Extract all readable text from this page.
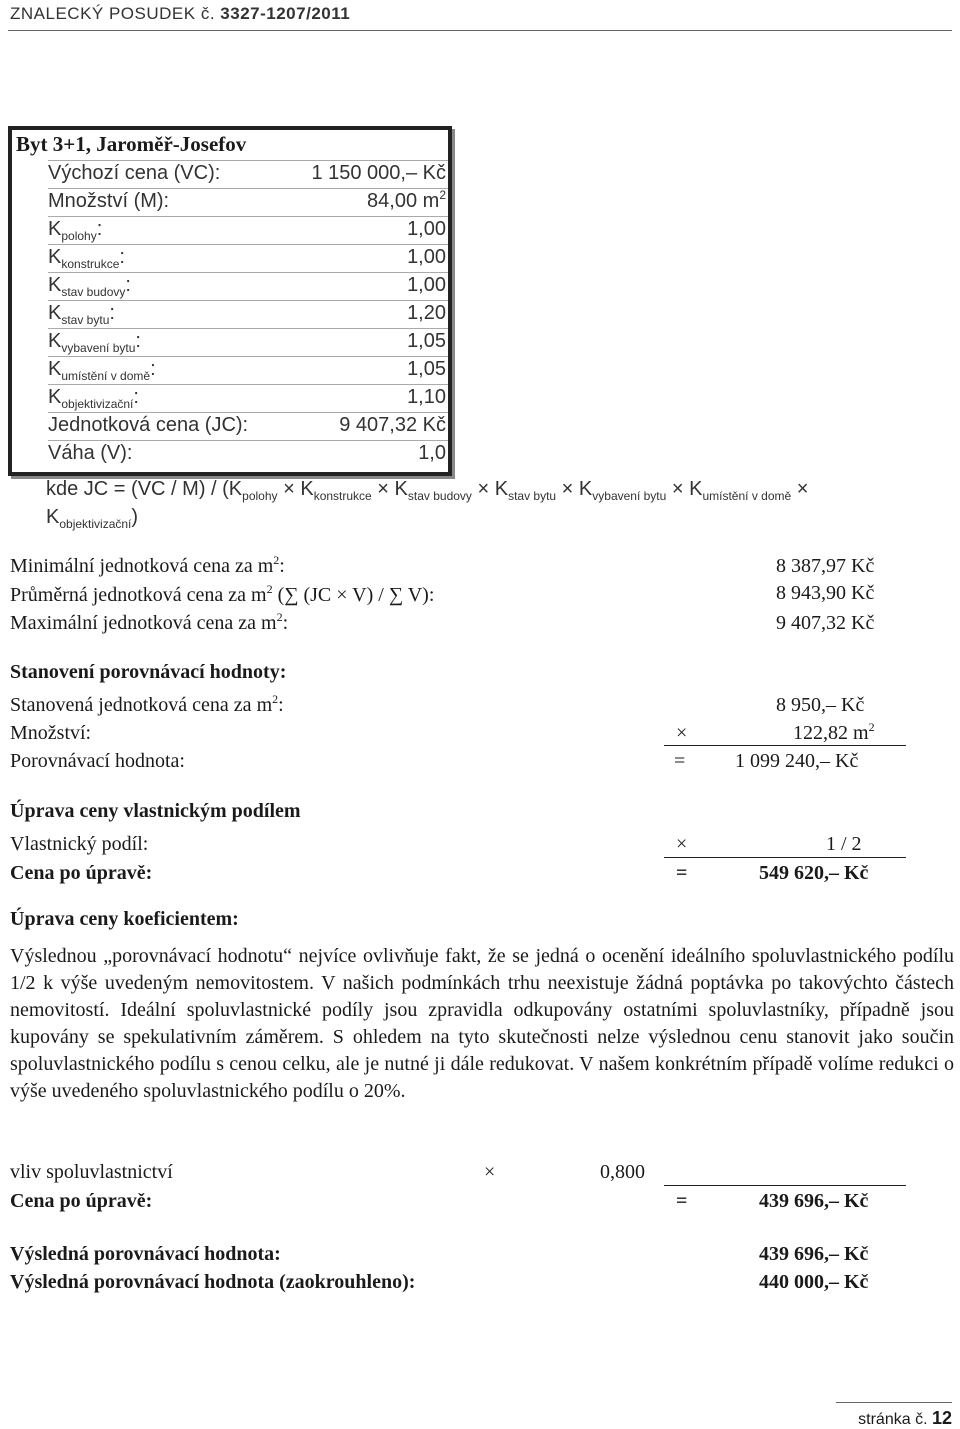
ZNALECKÝ POSUDEK č. 3327-1207/2011
Byt 3+1, Jaroměř-Josefov
Výchozí cena (VC):	1 150 000,– Kč
Množství (M):	84,00 $m^2$
$K_{polohy}$:	1,00
$K_{konstrukce}$:	1,00
$K_{stav budovy}$:	1,00
$K_{stav bytu}$:	1,20
$K_{vybavení bytu}$:	1,05
$K_{umístění v domě}$:	1,05
$K_{objektivizační}$:	1,10
Jednotková cena (JC):	9 407,32 Kč
Váha (V):	1,0
kde JC = $(VC / M) / (K_{polohy} \times K_{konstrukce} \times K_{stav budovy} \times K_{stav bytu} \times K_{vybavení bytu} \times K_{umístění v domě}$ ×
$K_{objektivizační}$)
Minimální jednotková cena za $m^2$:	8 387,97 Kč
Průměrná jednotková cena za $m^2$ (∑ (JC × V) / ∑ V):	8 943,90 Kč
Maximální jednotková cena za $m^2$:	9 407,32 Kč
Stanovení porovnávací hodnoty:
Stanovená jednotková cena za $m^2$:	8 950,– Kč
Množství:	×	122,82 $m^2$
Porovnávací hodnota:	= 1 099 240,– Kč
Úprava ceny vlastnickým podílem
Vlastnický podíl:	×	1 / 2
Cena po úpravě:	=	549 620,– Kč
Úprava ceny koeficientem:
Výslednou „porovnávací hodnotu“ nejvíce ovlivňuje fakt, že se jedná o ocenění ideálního spoluvlastnického podílu 1/2 k výše uvedeným nemovitostem. V našich podmínkách trhu neexistuje žádná poptávka po takovýchto částech nemovitostí. Ideální spoluvlastnické podíly jsou zpravidla odkupovány ostatními spoluvlastníky, případně jsou kupovány se spekulativním záměrem. S ohledem na tyto skutečnosti nelze výslednou cenu stanovit jako součin spoluvlastnického podílu s cenou celku, ale je nutné ji dále redukovat. V našem konkrétním případě volíme redukci o výše uvedeného spoluvlastnického podílu o 20%.
vliv spoluvlastnictví	×	0,800
Cena po úpravě:	=	439 696,– Kč
Výsledná porovnávací hodnota:	439 696,– Kč
Výsledná porovnávací hodnota (zaokrouhleno):	440 000,– Kč
stránka č. 12
